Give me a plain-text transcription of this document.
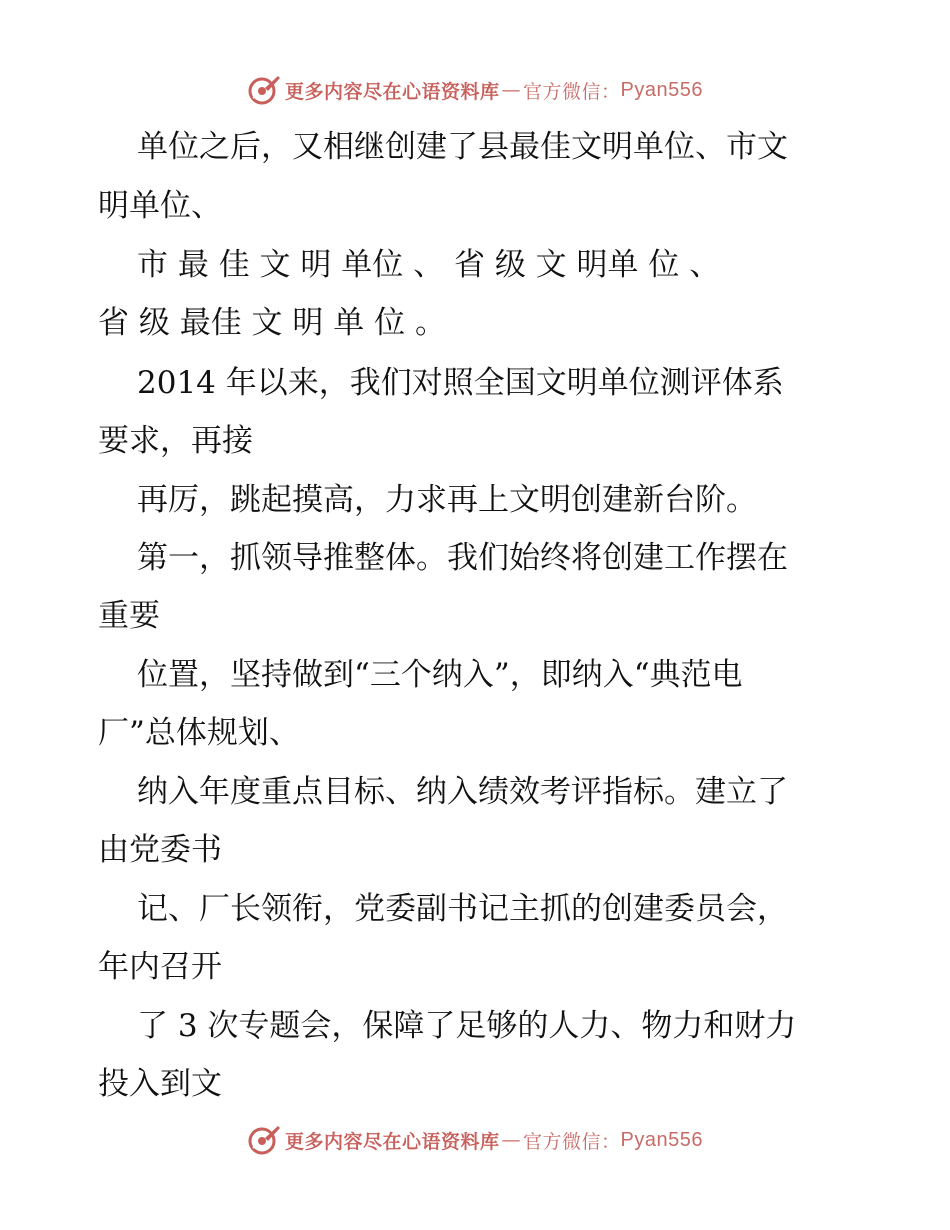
更多内容尽在心语资料库 — 官方微信： Pyan556
单位之后，又相继创建了县最佳文明单位、市文
明单位、
市 最 佳 文 明 单位 、 省 级 文 明单 位 、
省 级 最佳 文 明 单 位 。
2014 年以来，我们对照全国文明单位测评体系
要求，再接
再厉，跳起摸高，力求再上文明创建新台阶。
第一，抓领导推整体。我们始终将创建工作摆在
重要
位置，坚持做到“三个纳入”，即纳入“典范电
厂”总体规划、
纳入年度重点目标、纳入绩效考评指标。建立了
由党委书
记、厂长领衔，党委副书记主抓的创建委员会，
年内召开
了 3 次专题会，保障了足够的人力、物力和财力
投入到文
更多内容尽在心语资料库 — 官方微信： Pyan556
